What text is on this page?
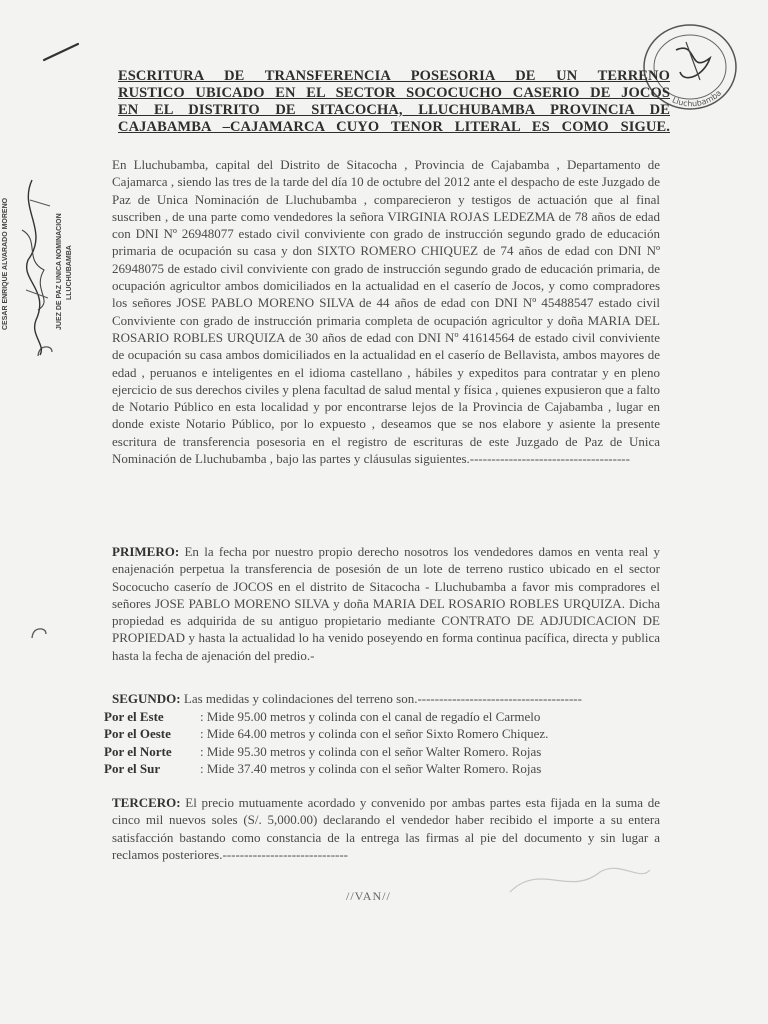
CESAR ENRIQUE ALVARADO MORENO	JUEZ DE PAZ UNICA NOMINACION LLUCHUBAMBA
Lluchubamba
ESCRITURA DE TRANSFERENCIA POSESORIA DE UN TERRENO
RUSTICO UBICADO EN EL SECTOR SOCOCUCHO CASERIO DE JOCOS
EN EL DISTRITO DE SITACOCHA, LLUCHUBAMBA PROVINCIA DE
CAJABAMBA –CAJAMARCA CUYO TENOR LITERAL ES COMO SIGUE.
En Lluchubamba, capital del Distrito de Sitacocha , Provincia de Cajabamba , Departamento de Cajamarca , siendo las tres de la tarde del día 10 de octubre del 2012 ante el despacho de este Juzgado de Paz de Unica Nominación de Lluchubamba , comparecieron y testigos de actuación que al final suscriben , de una parte como vendedores la señora VIRGINIA ROJAS LEDEZMA de 78 años de edad con DNI Nº 26948077 estado civil conviviente con grado de instrucción segundo grado de educación primaria de ocupación su casa y don SIXTO ROMERO CHIQUEZ de 74 años de edad con DNI Nº 26948075 de estado civil conviviente con grado de instrucción segundo grado de educación primaria, de ocupación agricultor ambos domiciliados en la actualidad en el caserío de Jocos, y como compradores los señores JOSE PABLO MORENO SILVA de 44 años de edad con DNI Nº 45488547 estado civil Conviviente con grado de instrucción primaria completa de ocupación agricultor y doña MARIA DEL ROSARIO ROBLES URQUIZA de 30 años de edad con DNI Nº 41614564 de estado civil conviviente de ocupación su casa ambos domiciliados en la actualidad en el caserío de Bellavista, ambos mayores de edad , peruanos e inteligentes en el idioma castellano , hábiles y expeditos para contratar y en pleno ejercicio de sus derechos civiles y plena facultad de salud mental y física , quienes expusieron que a falto de Notario Público en esta localidad y por encontrarse lejos de la Provincia de Cajabamba , lugar en donde existe Notario Público, por lo expuesto , deseamos que se nos elabore y asiente la presente escritura de transferencia posesoria en el registro de escrituras de este Juzgado de Paz de Unica Nominación de Lluchubamba , bajo las partes y cláusulas siguientes.-------------------------------------
PRIMERO: En la fecha por nuestro propio derecho nosotros los vendedores damos en venta real y enajenación perpetua la transferencia de posesión de un lote de terreno rustico ubicado en el sector Sococucho caserío de JOCOS en el distrito de Sitacocha - Lluchubamba a favor mis compradores el señores JOSE PABLO MORENO SILVA y doña MARIA DEL ROSARIO ROBLES URQUIZA. Dicha propiedad es adquirida de su antiguo propietario mediante CONTRATO DE ADJUDICACION DE PROPIEDAD y hasta la actualidad lo ha venido poseyendo en forma continua pacífica, directa y publica hasta la fecha de ajenación del predio.-
SEGUNDO: Las medidas y colindaciones del terreno son.--------------------------------------
Por el Este	: Mide 95.00 metros y colinda con el canal de regadío el Carmelo
Por el Oeste	: Mide 64.00 metros y colinda con el señor Sixto Romero Chiquez.
Por el Norte	: Mide 95.30 metros y colinda con el señor Walter Romero. Rojas
Por el Sur	: Mide 37.40 metros y colinda con el señor Walter Romero. Rojas
TERCERO: El precio mutuamente acordado y convenido por ambas partes esta fijada en la suma de cinco mil nuevos soles (S/. 5,000.00) declarando el vendedor haber recibido el importe a su entera satisfacción bastando como constancia de la entrega las firmas al pie del documento y sin lugar a reclamos posteriores.-----------------------------
//VAN//
